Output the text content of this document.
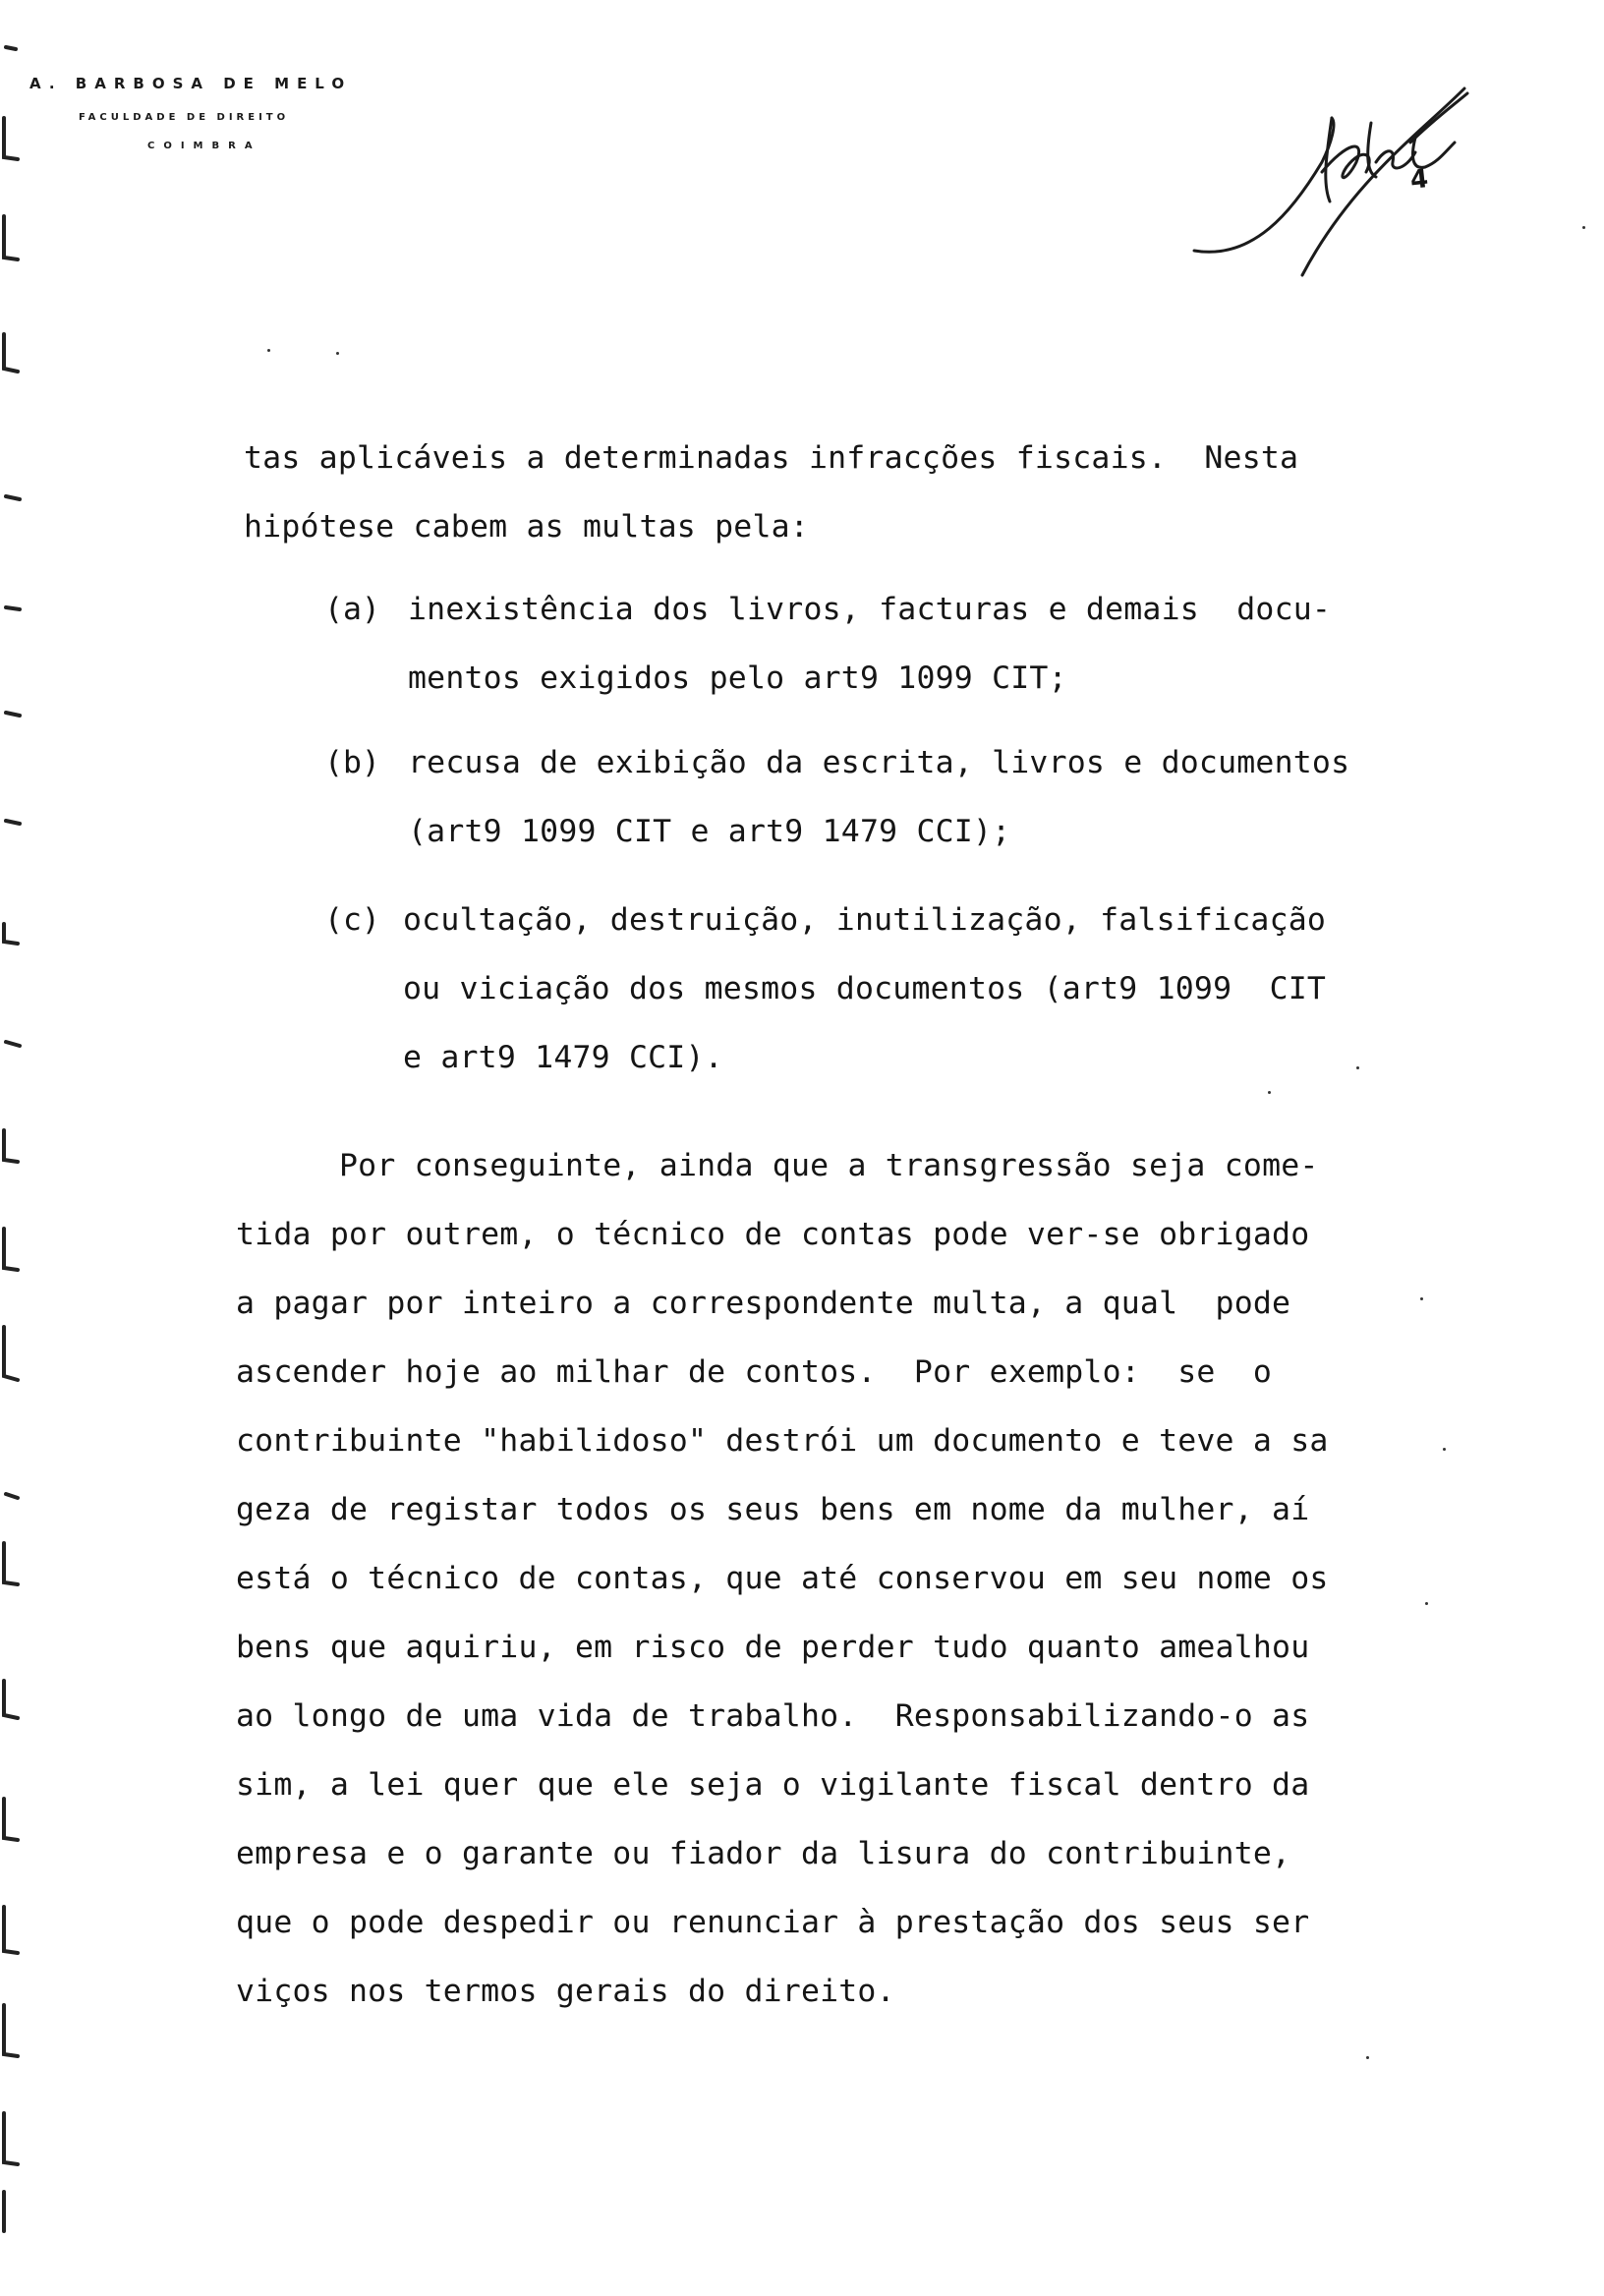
A. BARBOSA DE MELO
FACULDADE DE DIREITO
COIMBRA
4
tas aplicáveis a determinadas infracções fiscais.  Nesta
hipótese cabem as multas pela:
(a) inexistência dos livros, facturas e demais  docu-
mentos exigidos pelo art9 1099 CIT;
(b) recusa de exibição da escrita, livros e documentos
(art9 1099 CIT e art9 1479 CCI);
(c) ocultação, destruição, inutilização, falsificação
ou viciação dos mesmos documentos (art9 1099  CIT
e art9 1479 CCI).
Por conseguinte, ainda que a transgressão seja come-
tida por outrem, o técnico de contas pode ver-se obrigado
a pagar por inteiro a correspondente multa, a qual  pode
ascender hoje ao milhar de contos.  Por exemplo:  se  o
contribuinte "habilidoso" destrói um documento e teve a sa
geza de registar todos os seus bens em nome da mulher, aí
está o técnico de contas, que até conservou em seu nome os
bens que aquiriu, em risco de perder tudo quanto amealhou
ao longo de uma vida de trabalho.  Responsabilizando-o as
sim, a lei quer que ele seja o vigilante fiscal dentro da
empresa e o garante ou fiador da lisura do contribuinte,
que o pode despedir ou renunciar à prestação dos seus ser
viços nos termos gerais do direito.
